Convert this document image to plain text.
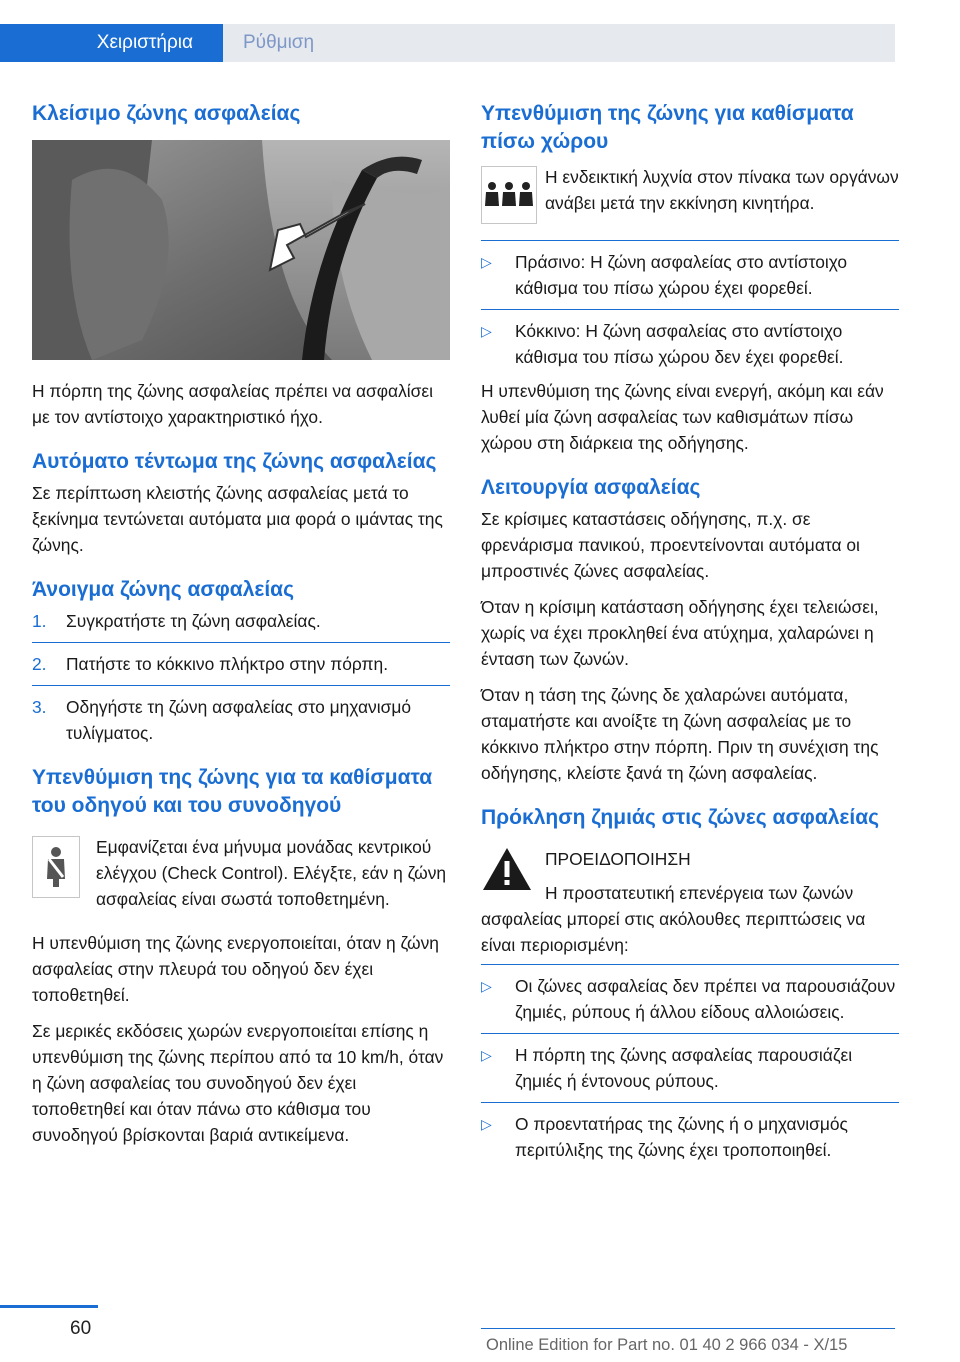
Χειριστήρια	Ρύθμιση
Κλείσιμο ζώνης ασφαλείας

Η πόρπη της ζώνης ασφαλείας πρέπει να ασφαλίσει με τον αντίστοιχο χαρακτηριστικό ήχο.

Αυτόματο τέντωμα της ζώνης ασφαλείας

Σε περίπτωση κλειστής ζώνης ασφαλείας μετά το ξεκίνημα τεντώνεται αυτόματα μια φορά ο ιμάντας της ζώνης.

Άνοιγμα ζώνης ασφαλείας
1. Συγκρατήστε τη ζώνη ασφαλείας.
2. Πατήστε το κόκκινο πλήκτρο στην πόρπη.
3. Οδηγήστε τη ζώνη ασφαλείας στο μηχανισμό τυλίγματος.
Υπενθύμιση της ζώνης για τα καθίσματα του οδηγού και του συνοδηγού

Εμφανίζεται ένα μήνυμα μονάδας κεντρικού ελέγχου (Check Control). Ελέγξτε, εάν η ζώνη ασφαλείας είναι σωστά τοποθετημένη.

Η υπενθύμιση της ζώνης ενεργοποιείται, όταν η ζώνη ασφαλείας στην πλευρά του οδηγού δεν έχει τοποθετηθεί.

Σε μερικές εκδόσεις χωρών ενεργοποιείται επίσης η υπενθύμιση της ζώνης περίπου από τα 10 km/h, όταν η ζώνη ασφαλείας του συνοδηγού δεν έχει τοποθετηθεί και όταν πάνω στο κάθισμα του συνοδηγού βρίσκονται βαριά αντικείμενα.

Υπενθύμιση της ζώνης για καθίσματα πίσω χώρου

Η ενδεικτική λυχνία στον πίνακα των οργάνων ανάβει μετά την εκκίνηση κινητήρα.

▷ Πράσινο: Η ζώνη ασφαλείας στο αντίστοιχο κάθισμα του πίσω χώρου έχει φορεθεί.
▷ Κόκκινο: Η ζώνη ασφαλείας στο αντίστοιχο κάθισμα του πίσω χώρου δεν έχει φορεθεί.

Η υπενθύμιση της ζώνης είναι ενεργή, ακόμη και εάν λυθεί μία ζώνη ασφαλείας των καθισμάτων πίσω χώρου στη διάρκεια της οδήγησης.

Λειτουργία ασφαλείας

Σε κρίσιμες καταστάσεις οδήγησης, π.χ. σε φρενάρισμα πανικού, προεντείνονται αυτόματα οι μπροστινές ζώνες ασφαλείας.

Όταν η κρίσιμη κατάσταση οδήγησης έχει τελειώσει, χωρίς να έχει προκληθεί ένα ατύχημα, χαλαρώνει η ένταση των ζωνών.

Όταν η τάση της ζώνης δε χαλαρώνει αυτόματα, σταματήστε και ανοίξτε τη ζώνη ασφαλείας με το κόκκινο πλήκτρο στην πόρπη. Πριν τη συνέχιση της οδήγησης, κλείστε ξανά τη ζώνη ασφαλείας.

Πρόκληση ζημιάς στις ζώνες ασφαλείας

ΠΡΟΕΙΔΟΠΟΙΗΣΗ

Η προστατευτική επενέργεια των ζωνών ασφαλείας μπορεί στις ακόλουθες περιπτώσεις να είναι περιορισμένη:

▷ Οι ζώνες ασφαλείας δεν πρέπει να παρουσιάζουν ζημιές, ρύπους ή άλλου είδους αλλοιώσεις.
▷ Η πόρπη της ζώνης ασφαλείας παρουσιάζει ζημιές ή έντονους ρύπους.
▷ Ο προεντατήρας της ζώνης ή ο μηχανισμός περιτύλιξης της ζώνης έχει τροποποιηθεί.
60
Online Edition for Part no. 01 40 2 966 034 - X/15
